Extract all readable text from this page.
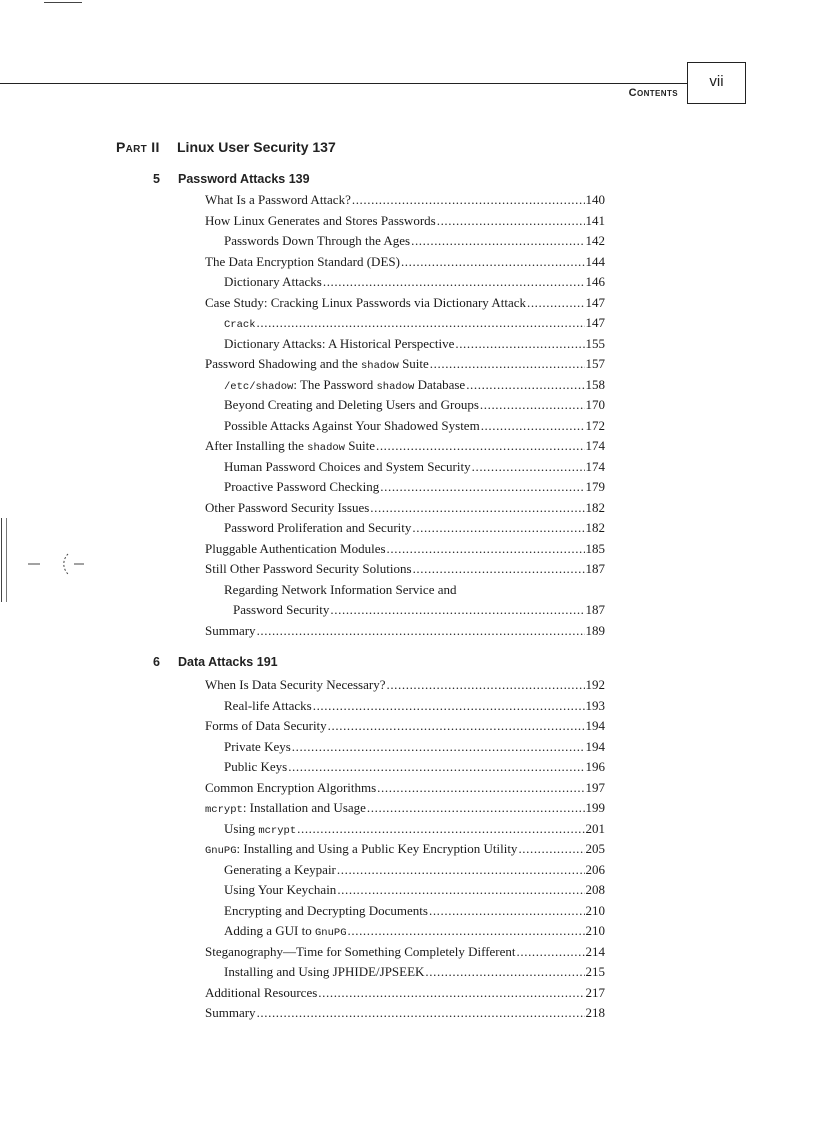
Contents
vii
Part II Linux User Security 137
5 Password Attacks 139
What Is a Password Attack? .....	140
How Linux Generates and Stores Passwords .....	141
Passwords Down Through the Ages .....	142
The Data Encryption Standard (DES) .....	144
Dictionary Attacks .....	146
Case Study: Cracking Linux Passwords via Dictionary Attack .....	147
Crack .....	147
Dictionary Attacks: A Historical Perspective .....	155
Password Shadowing and the shadow Suite .....	157
/etc/shadow: The Password shadow Database .....	158
Beyond Creating and Deleting Users and Groups .....	170
Possible Attacks Against Your Shadowed System .....	172
After Installing the shadow Suite .....	174
Human Password Choices and System Security .....	174
Proactive Password Checking .....	179
Other Password Security Issues .....	182
Password Proliferation and Security .....	182
Pluggable Authentication Modules .....	185
Still Other Password Security Solutions .....	187
Regarding Network Information Service and
Password Security .....	187
Summary .....	189
6 Data Attacks 191
When Is Data Security Necessary? .....	192
Real-life Attacks .....	193
Forms of Data Security .....	194
Private Keys .....	194
Public Keys .....	196
Common Encryption Algorithms .....	197
mcrypt: Installation and Usage .....	199
Using mcrypt .....	201
GnuPG: Installing and Using a Public Key Encryption Utility .....	205
Generating a Keypair .....	206
Using Your Keychain .....	208
Encrypting and Decrypting Documents .....	210
Adding a GUI to GnuPG .....	210
Steganography—Time for Something Completely Different .....	214
Installing and Using JPHIDE/JPSEEK .....	215
Additional Resources .....	217
Summary .....	218
